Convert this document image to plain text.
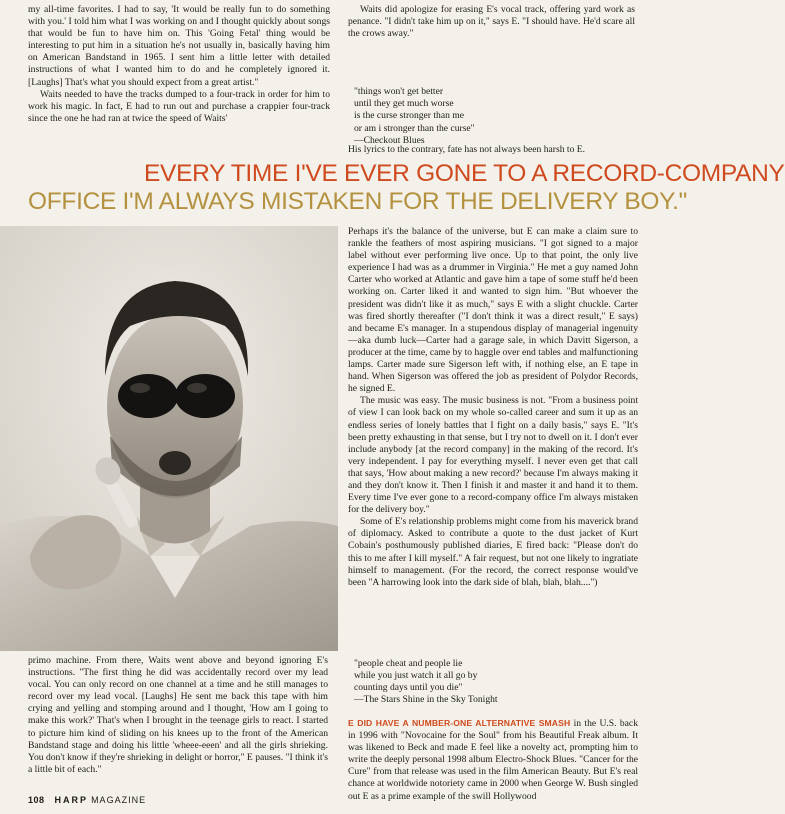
my all-time favorites. I had to say, 'It would be really fun to do something with you.' I told him what I was working on and I thought quickly about songs that would be fun to have him on. This 'Going Fetal' thing would be interesting to put him in a situation he's not usually in, basically having him on American Bandstand in 1965. I sent him a little letter with detailed instructions of what I wanted him to do and he completely ignored it. [Laughs] That's what you should expect from a great artist."

Waits needed to have the tracks dumped to a four-track in order for him to work his magic. In fact, E had to run out and purchase a crappier four-track since the one he had ran at twice the speed of Waits'

Waits did apologize for erasing E's vocal track, offering yard work as penance. "I didn't take him up on it," says E. "I should have. He'd scare all the crows away."

"things won't get better
until they get much worse
is the curse stronger than me
or am i stronger than the curse"
—Checkout Blues
His lyrics to the contrary, fate has not always been harsh to E.
EVERY TIME I'VE EVER GONE TO A RECORD-COMPANY
OFFICE I'M ALWAYS MISTAKEN FOR THE DELIVERY BOY."

Perhaps it's the balance of the universe, but E can make a claim sure to rankle the feathers of most aspiring musicians. "I got signed to a major label without ever performing live once. Up to that point, the only live experience I had was as a drummer in Virginia." He met a guy named John Carter who worked at Atlantic and gave him a tape of some stuff he'd been working on. Carter liked it and wanted to sign him. "But whoever the president was didn't like it as much," says E with a slight chuckle. Carter was fired shortly thereafter ("I don't think it was a direct result," E says) and became E's manager. In a stupendous display of managerial ingenuity—aka dumb luck—Carter had a garage sale, in which Davitt Sigerson, a producer at the time, came by to haggle over end tables and malfunctioning lamps. Carter made sure Sigerson left with, if nothing else, an E tape in hand. When Sigerson was offered the job as president of Polydor Records, he signed E.

The music was easy. The music business is not. "From a business point of view I can look back on my whole so-called career and sum it up as an endless series of lonely battles that I fight on a daily basis," says E. "It's been pretty exhausting in that sense, but I try not to dwell on it. I don't ever include anybody [at the record company] in the making of the record. It's very independent. I pay for everything myself. I never even get that call that says, 'How about making a new record?' because I'm always making it and they don't know it. Then I finish it and master it and hand it to them. Every time I've ever gone to a record-company office I'm always mistaken for the delivery boy."

Some of E's relationship problems might come from his maverick brand of diplomacy. Asked to contribute a quote to the dust jacket of Kurt Cobain's posthumously published diaries, E fired back: "Please don't do this to me after I kill myself." A fair request, but not one likely to ingratiate himself to management. (For the record, the correct response would've been "A harrowing look into the dark side of blah, blah, blah....")

"people cheat and people lie
while you just watch it all go by
counting days until you die"
—The Stars Shine in the Sky Tonight
E DID HAVE A NUMBER-ONE ALTERNATIVE SMASH in the U.S. back in 1996 with "Novocaine for the Soul" from his Beautiful Freak album. It was likened to Beck and made E feel like a novelty act, prompting him to write the deeply personal 1998 album Electro-Shock Blues. "Cancer for the Cure" from that release was used in the film American Beauty. But E's real chance at worldwide notoriety came in 2000 when George W. Bush singled out E as a prime example of the swill Hollywood

primo machine. From there, Waits went above and beyond ignoring E's instructions. "The first thing he did was accidentally record over my lead vocal. You can only record on one channel at a time and he still manages to record over my lead vocal. [Laughs] He sent me back this tape with him crying and yelling and stomping around and I thought, 'How am I going to make this work?' That's when I brought in the teenage girls to react. I started to picture him kind of sliding on his knees up to the front of the American Bandstand stage and doing his little 'wheee-eeen' and all the girls shrieking. You don't know if they're shrieking in delight or horror," E pauses. "I think it's a little bit of each."

108 HARP MAGAZINE
